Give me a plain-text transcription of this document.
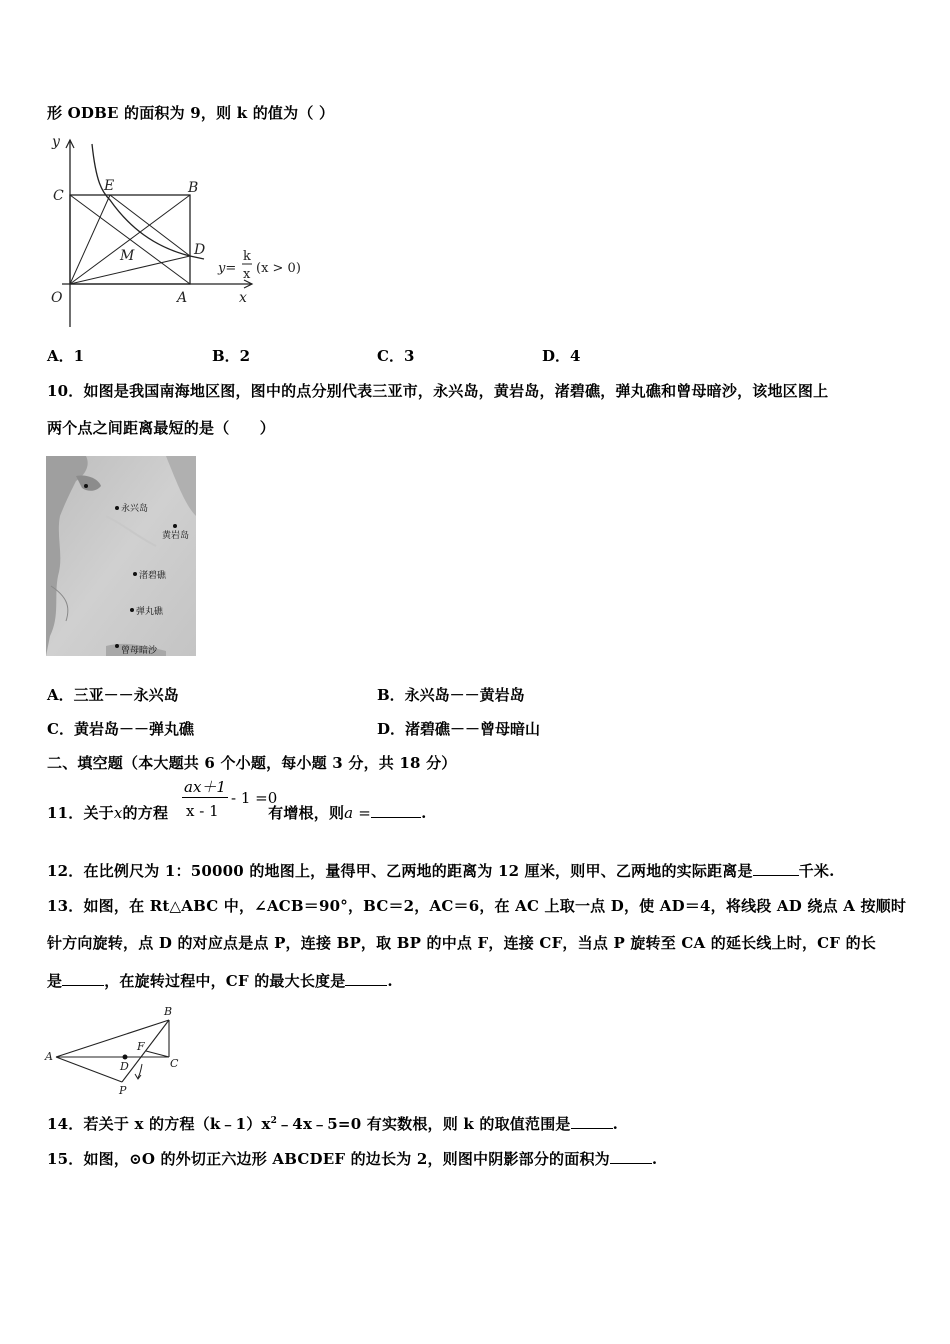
形 ODBE 的面积为 9，则 k 的值为（ ）
y
C
E	B
D
M
O	A	x
y=
k
x (x > 0)
A．1	B．2	C．3	D．4
10．如图是我国南海地区图，图中的点分别代表三亚市，永兴岛，黄岩岛，渚碧礁，弹丸礁和曾母暗沙，该地区图上
两个点之间距离最短的是（　　）
永兴岛
黄岩岛
渚碧礁
弹丸礁
曾母暗沙
A．三亚－－永兴岛	B．永兴岛－－黄岩岛
C．黄岩岛－－弹丸礁	D．渚碧礁－－曾母暗山
二、填空题（本大题共 6 个小题，每小题 3 分，共 18 分）
11．关于x的方程	有增根，则a =	.
ax＋1
x - 1
- 1 =0
12．在比例尺为 1：50000 的地图上，量得甲、乙两地的距离为 12 厘米，则甲、乙两地的实际距离是	千米.
13．如图，在 Rt△ABC 中，∠ACB＝90°，BC＝2，AC＝6，在 AC 上取一点 D，使 AD＝4，将线段 AD 绕点 A 按顺时
针方向旋转，点 D 的对应点是点 P，连接 BP，取 BP 的中点 F，连接 CF，当点 P 旋转至 CA 的延长线上时，CF 的长
是	，在旋转过程中，CF 的最大长度是	.
A
B
C
D
F
P
14．若关于 x 的方程$(k﹣1)x^2﹣4x﹣5=0$ 有实数根，则 k 的取值范围是	.
15．如图，⊙O 的外切正六边形 ABCDEF 的边长为 2，则图中阴影部分的面积为	.
